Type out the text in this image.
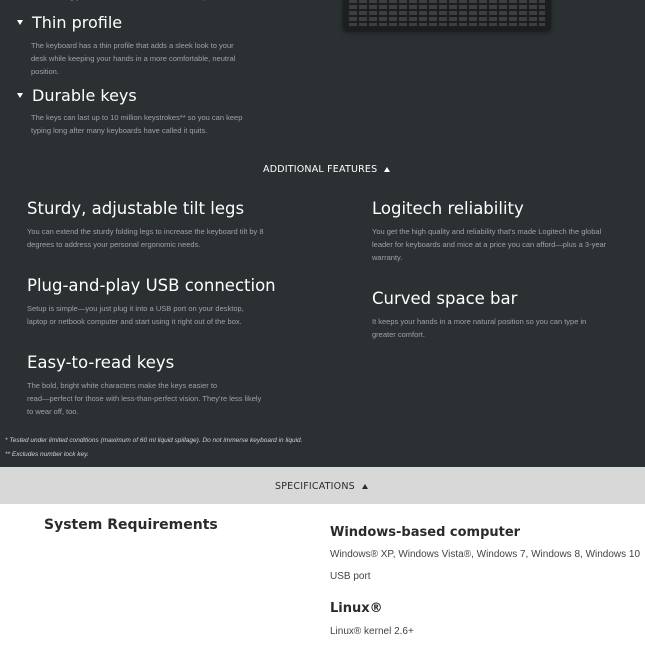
Thin profile
The keyboard has a thin profile that adds a sleek look to your
desk while keeping your hands in a more comfortable, neutral
position.
Durable keys
The keys can last up to 10 million keystrokes** so you can keep
typing long after many keyboards have called it quits.
ADDITIONAL FEATURES
Sturdy, adjustable tilt legs
You can extend the sturdy folding legs to increase the keyboard tilt by 8
degrees to address your personal ergonomic needs.
Plug-and-play USB connection
Setup is simple—you just plug it into a USB port on your desktop,
laptop or netbook computer and start using it right out of the box.
Easy-to-read keys
The bold, bright white characters make the keys easier to
read—perfect for those with less-than-perfect vision. They're less likely
to wear off, too.
Logitech reliability
You get the high quality and reliability that's made Logitech the global
leader for keyboards and mice at a price you can afford—plus a 3-year
warranty.
Curved space bar
It keeps your hands in a more natural position so you can type in
greater comfort.
* Tested under limited conditions (maximum of 60 ml liquid spillage). Do not immerse keyboard in liquid.
** Excludes number lock key.
SPECIFICATIONS
System Requirements	Windows-based computer
Windows® XP, Windows Vista®, Windows 7, Windows 8, Windows 10
USB port
Linux®
Linux® kernel 2.6+
